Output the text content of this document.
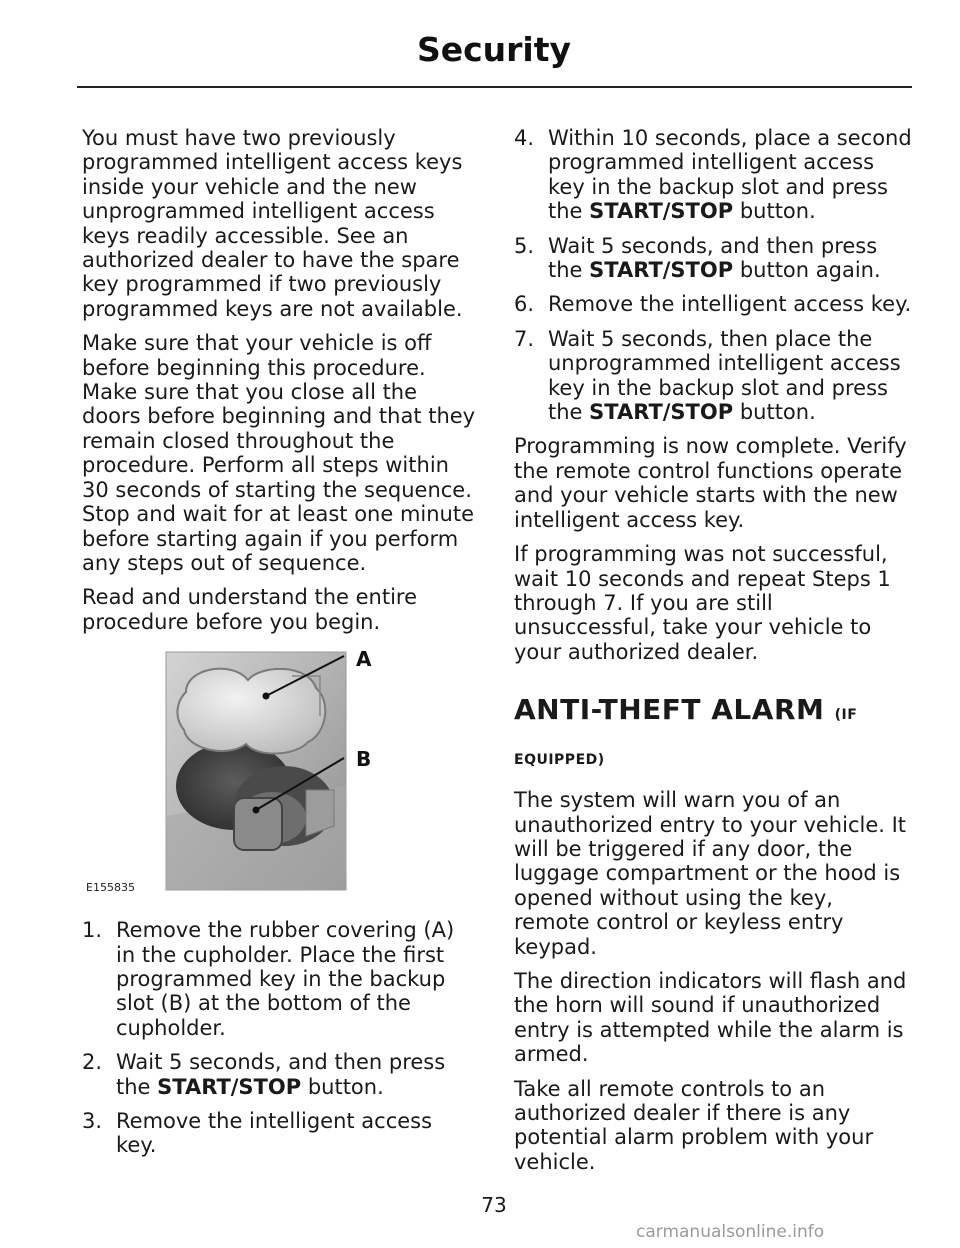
Security

You must have two previously programmed intelligent access keys inside your vehicle and the new unprogrammed intelligent access keys readily accessible. See an authorized dealer to have the spare key programmed if two previously programmed keys are not available.

Make sure that your vehicle is off before beginning this procedure. Make sure that you close all the doors before beginning and that they remain closed throughout the procedure. Perform all steps within 30 seconds of starting the sequence. Stop and wait for at least one minute before starting again if you perform any steps out of sequence.

Read and understand the entire procedure before you begin.

A
B
E155835
1. Remove the rubber covering (A) in the cupholder. Place the first programmed key in the backup slot (B) at the bottom of the cupholder.
2. Wait 5 seconds, and then press the START/STOP button.
3. Remove the intelligent access key.
4. Within 10 seconds, place a second programmed intelligent access key in the backup slot and press the START/STOP button.
5. Wait 5 seconds, and then press the START/STOP button again.
6. Remove the intelligent access key.
7. Wait 5 seconds, then place the unprogrammed intelligent access key in the backup slot and press the START/STOP button.

Programming is now complete. Verify the remote control functions operate and your vehicle starts with the new intelligent access key.

If programming was not successful, wait 10 seconds and repeat Steps 1 through 7. If you are still unsuccessful, take your vehicle to your authorized dealer.

ANTI-THEFT ALARM (IF EQUIPPED)

The system will warn you of an unauthorized entry to your vehicle. It will be triggered if any door, the luggage compartment or the hood is opened without using the key, remote control or keyless entry keypad.

The direction indicators will flash and the horn will sound if unauthorized entry is attempted while the alarm is armed.

Take all remote controls to an authorized dealer if there is any potential alarm problem with your vehicle.

73
carmanualsonline.info
